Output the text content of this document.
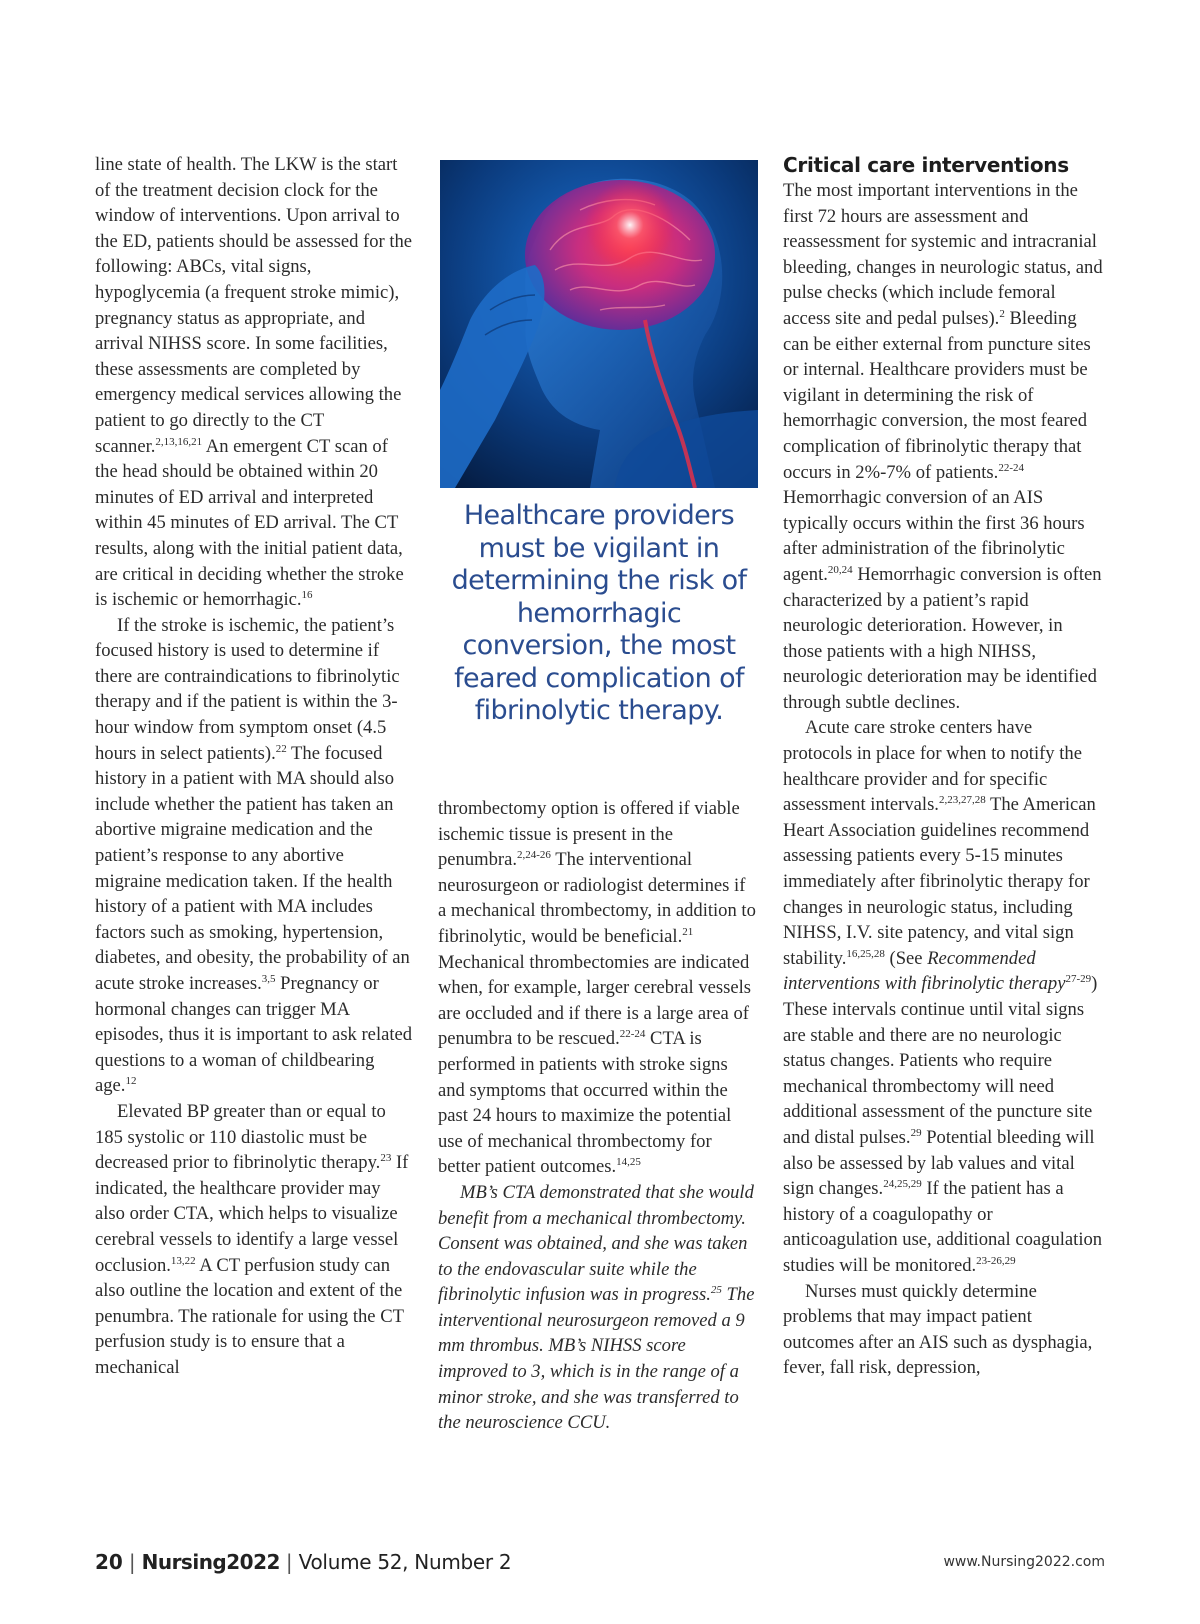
line state of health. The LKW is the start of the treatment decision clock for the window of interventions. Upon arrival to the ED, patients should be assessed for the following: ABCs, vital signs, hypoglycemia (a frequent stroke mimic), pregnancy status as appropriate, and arrival NIHSS score. In some facilities, these assessments are completed by emergency medical services allowing the patient to go directly to the CT scanner.$^{2,13,16,21}$ An emergent CT scan of the head should be obtained within 20 minutes of ED arrival and interpreted within 45 minutes of ED arrival. The CT results, along with the initial patient data, are critical in deciding whether the stroke is ischemic or hemorrhagic.$^{16}$

If the stroke is ischemic, the patient’s focused history is used to determine if there are contraindications to fibrinolytic therapy and if the patient is within the 3-hour window from symptom onset (4.5 hours in select patients).$^{22}$ The focused history in a patient with MA should also include whether the patient has taken an abortive migraine medication and the patient’s response to any abortive migraine medication taken. If the health history of a patient with MA includes factors such as smoking, hypertension, diabetes, and obesity, the probability of an acute stroke increases.$^{3,5}$ Pregnancy or hormonal changes can trigger MA episodes, thus it is important to ask related questions to a woman of childbearing age.$^{12}$

Elevated BP greater than or equal to 185 systolic or 110 diastolic must be decreased prior to fibrinolytic therapy.$^{23}$ If indicated, the healthcare provider may also order CTA, which helps to visualize cerebral vessels to identify a large vessel occlusion.$^{13,22}$ A CT perfusion study can also outline the location and extent of the penumbra. The rationale for using the CT perfusion study is to ensure that a mechanical

Healthcare providers must be vigilant in determining the risk of hemorrhagic conversion, the most feared complication of fibrinolytic therapy.

thrombectomy option is offered if viable ischemic tissue is present in the penumbra.$^{2,24-26}$ The interventional neurosurgeon or radiologist determines if a mechanical thrombectomy, in addition to fibrinolytic, would be beneficial.$^{21}$ Mechanical thrombectomies are indicated when, for example, larger cerebral vessels are occluded and if there is a large area of penumbra to be rescued.$^{22-24}$ CTA is performed in patients with stroke signs and symptoms that occurred within the past 24 hours to maximize the potential use of mechanical thrombectomy for better patient outcomes.$^{14,25}$

MB’s CTA demonstrated that she would benefit from a mechanical thrombectomy. Consent was obtained, and she was taken to the endovascular suite while the fibrinolytic infusion was in progress.$^{25}$ The interventional neurosurgeon removed a 9 mm thrombus. MB’s NIHSS score improved to 3, which is in the range of a minor stroke, and she was transferred to the neuroscience CCU.

Critical care interventions

The most important interventions in the first 72 hours are assessment and reassessment for systemic and intracranial bleeding, changes in neurologic status, and pulse checks (which include femoral access site and pedal pulses).$^2$ Bleeding can be either external from puncture sites or internal. Healthcare providers must be vigilant in determining the risk of hemorrhagic conversion, the most feared complication of fibrinolytic therapy that occurs in 2%-7% of patients.$^{22-24}$ Hemorrhagic conversion of an AIS typically occurs within the first 36 hours after administration of the fibrinolytic agent.$^{20,24}$ Hemorrhagic conversion is often characterized by a patient’s rapid neurologic deterioration. However, in those patients with a high NIHSS, neurologic deterioration may be identified through subtle declines.

Acute care stroke centers have protocols in place for when to notify the healthcare provider and for specific assessment intervals.$^{2,23,27,28}$ The American Heart Association guidelines recommend assessing patients every 5-15 minutes immediately after fibrinolytic therapy for changes in neurologic status, including NIHSS, I.V. site patency, and vital sign stability.$^{16,25,28}$ (See Recommended interventions with fibrinolytic therapy$^{27-29}$) These intervals continue until vital signs are stable and there are no neurologic status changes. Patients who require mechanical thrombectomy will need additional assessment of the puncture site and distal pulses.$^{29}$ Potential bleeding will also be assessed by lab values and vital sign changes.$^{24,25,29}$ If the patient has a history of a coagulopathy or anticoagulation use, additional coagulation studies will be monitored.$^{23-26,29}$

Nurses must quickly determine problems that may impact patient outcomes after an AIS such as dysphagia, fever, fall risk, depression,

20 | Nursing2022 | Volume 52, Number 2	www.Nursing2022.com
